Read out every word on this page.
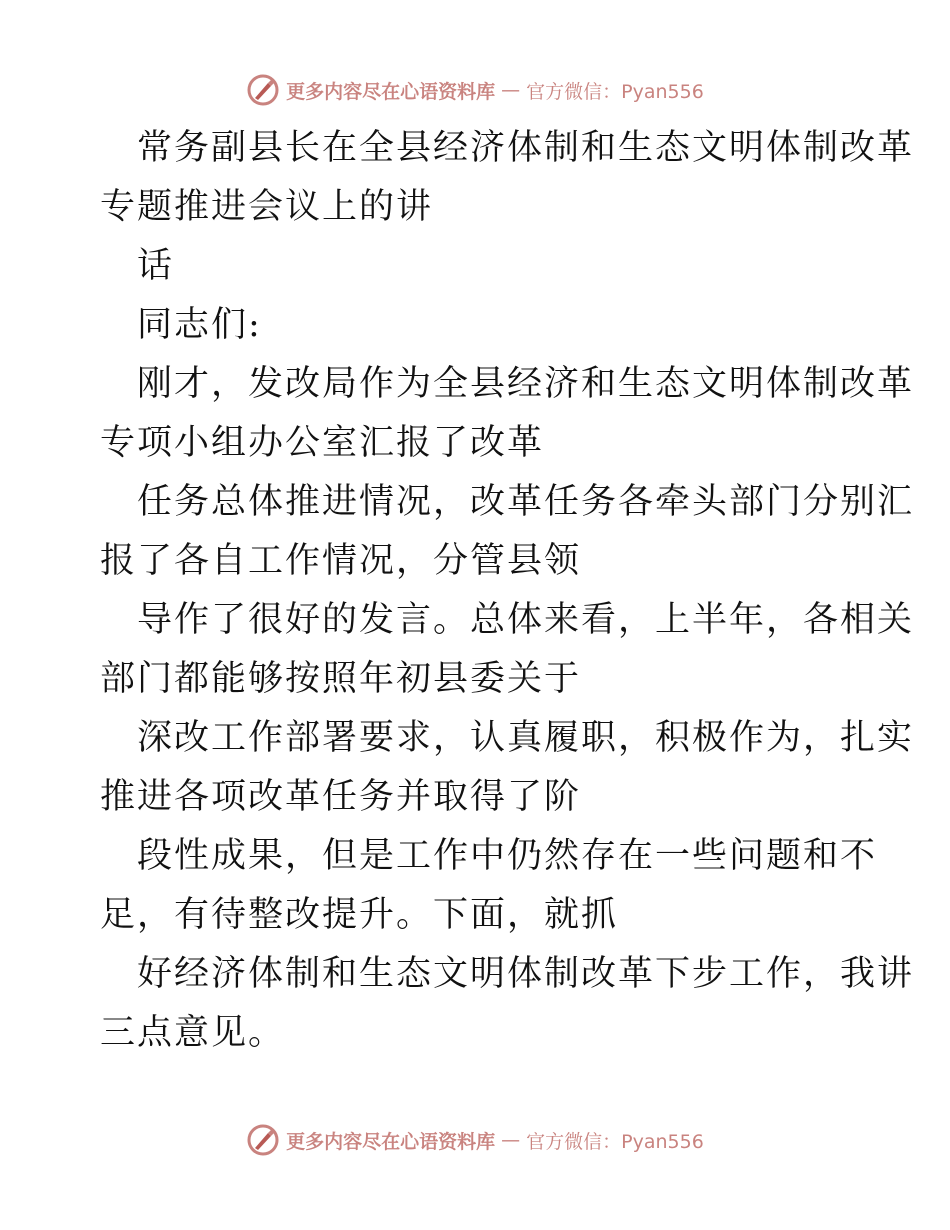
更多内容尽在心语资料库 — 官方微信：Pyan556
常务副县长在全县经济体制和生态文明体制改革
专题推进会议上的讲
话
同志们:
刚才，发改局作为全县经济和生态文明体制改革
专项小组办公室汇报了改革
任务总体推进情况，改革任务各牵头部门分别汇
报了各自工作情况，分管县领
导作了很好的发言。总体来看，上半年，各相关
部门都能够按照年初县委关于
深改工作部署要求，认真履职，积极作为，扎实
推进各项改革任务并取得了阶
段性成果，但是工作中仍然存在一些问题和不
足，有待整改提升。下面，就抓
好经济体制和生态文明体制改革下步工作，我讲
三点意见。
更多内容尽在心语资料库 — 官方微信：Pyan556
